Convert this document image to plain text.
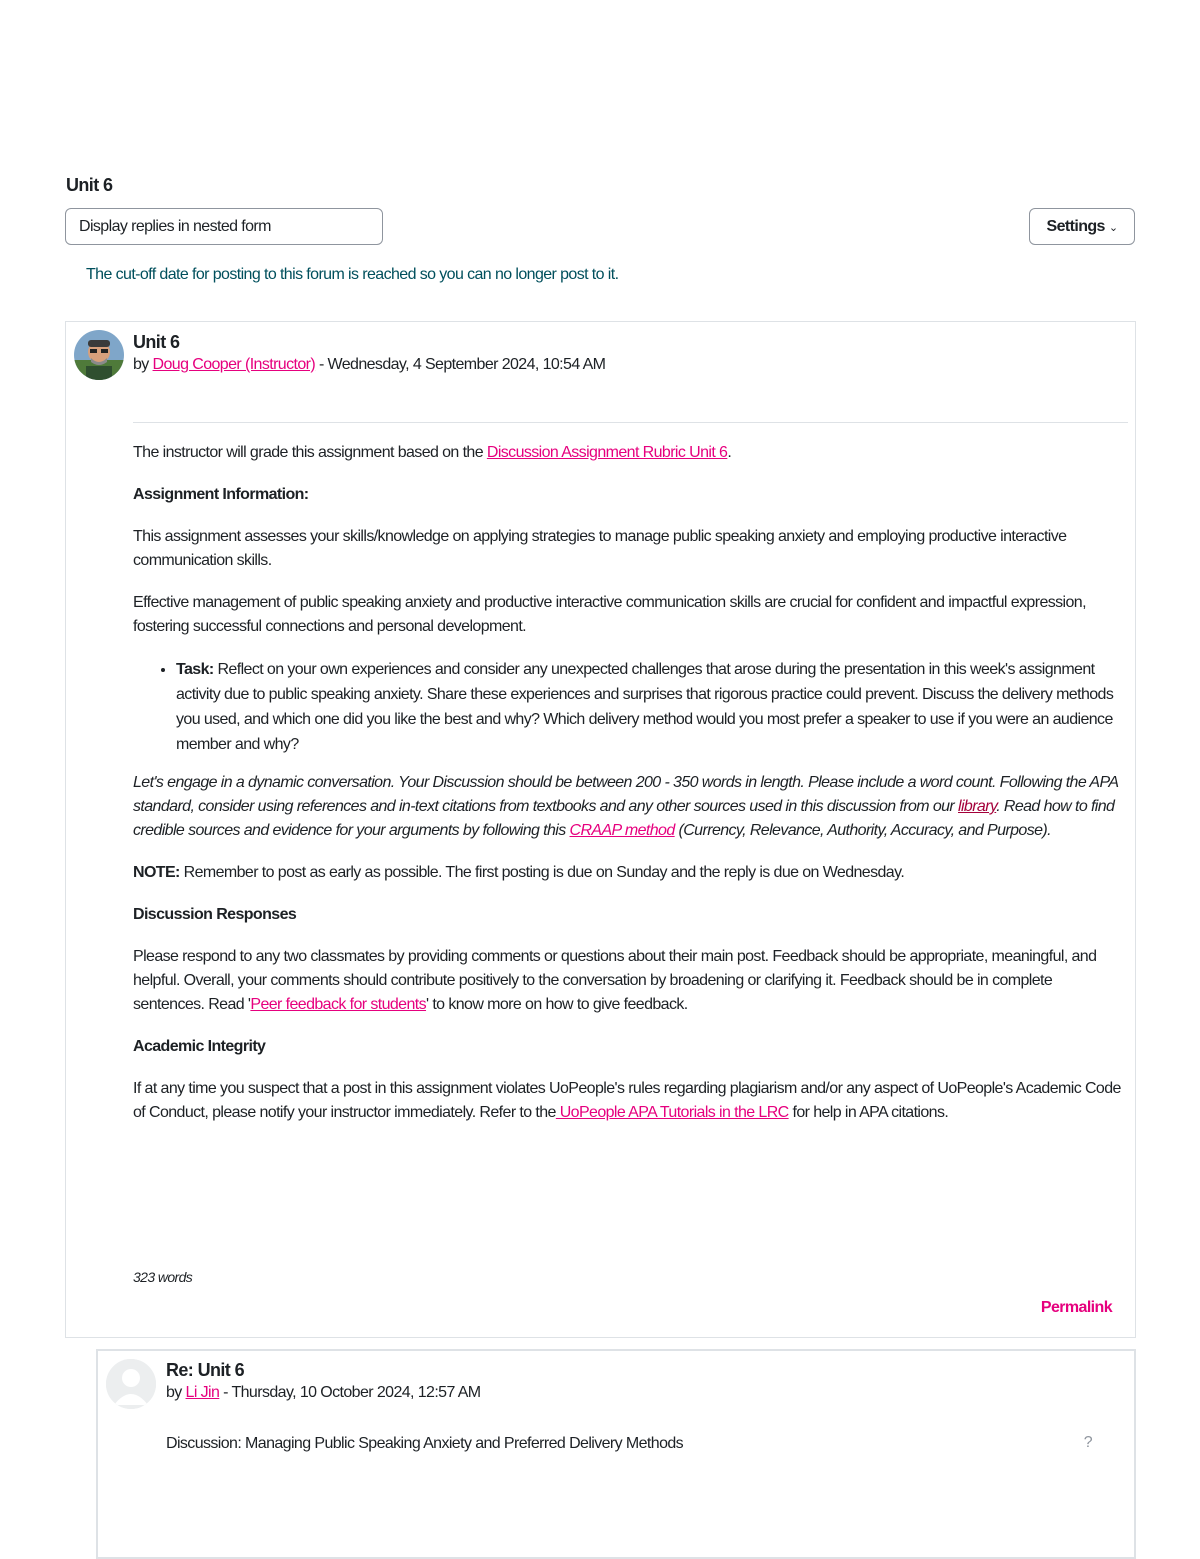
Unit 6
Display replies in nested form	Settings ⌄
The cut-off date for posting to this forum is reached so you can no longer post to it.
Unit 6
by Doug Cooper (Instructor) - Wednesday, 4 September 2024, 10:54 AM

The instructor will grade this assignment based on the Discussion Assignment Rubric Unit 6.

Assignment Information:

This assignment assesses your skills/knowledge on applying strategies to manage public speaking anxiety and employing productive interactive communication skills.

Effective management of public speaking anxiety and productive interactive communication skills are crucial for confident and impactful expression, fostering successful connections and personal development.

• Task: Reflect on your own experiences and consider any unexpected challenges that arose during the presentation in this week's assignment activity due to public speaking anxiety. Share these experiences and surprises that rigorous practice could prevent. Discuss the delivery methods you used, and which one did you like the best and why? Which delivery method would you most prefer a speaker to use if you were an audience member and why?

Let's engage in a dynamic conversation. Your Discussion should be between 200 - 350 words in length. Please include a word count. Following the APA standard, consider using references and in-text citations from textbooks and any other sources used in this discussion from our library. Read how to find credible sources and evidence for your arguments by following this CRAAP method (Currency, Relevance, Authority, Accuracy, and Purpose).

NOTE: Remember to post as early as possible. The first posting is due on Sunday and the reply is due on Wednesday.

Discussion Responses

Please respond to any two classmates by providing comments or questions about their main post. Feedback should be appropriate, meaningful, and helpful. Overall, your comments should contribute positively to the conversation by broadening or clarifying it. Feedback should be in complete sentences. Read 'Peer feedback for students' to know more on how to give feedback.

Academic Integrity

If at any time you suspect that a post in this assignment violates UoPeople's rules regarding plagiarism and/or any aspect of UoPeople's Academic Code of Conduct, please notify your instructor immediately. Refer to the UoPeople APA Tutorials in the LRC for help in APA citations.

323 words
Permalink
Re: Unit 6
by Li Jin - Thursday, 10 October 2024, 12:57 AM
Discussion: Managing Public Speaking Anxiety and Preferred Delivery Methods	?
